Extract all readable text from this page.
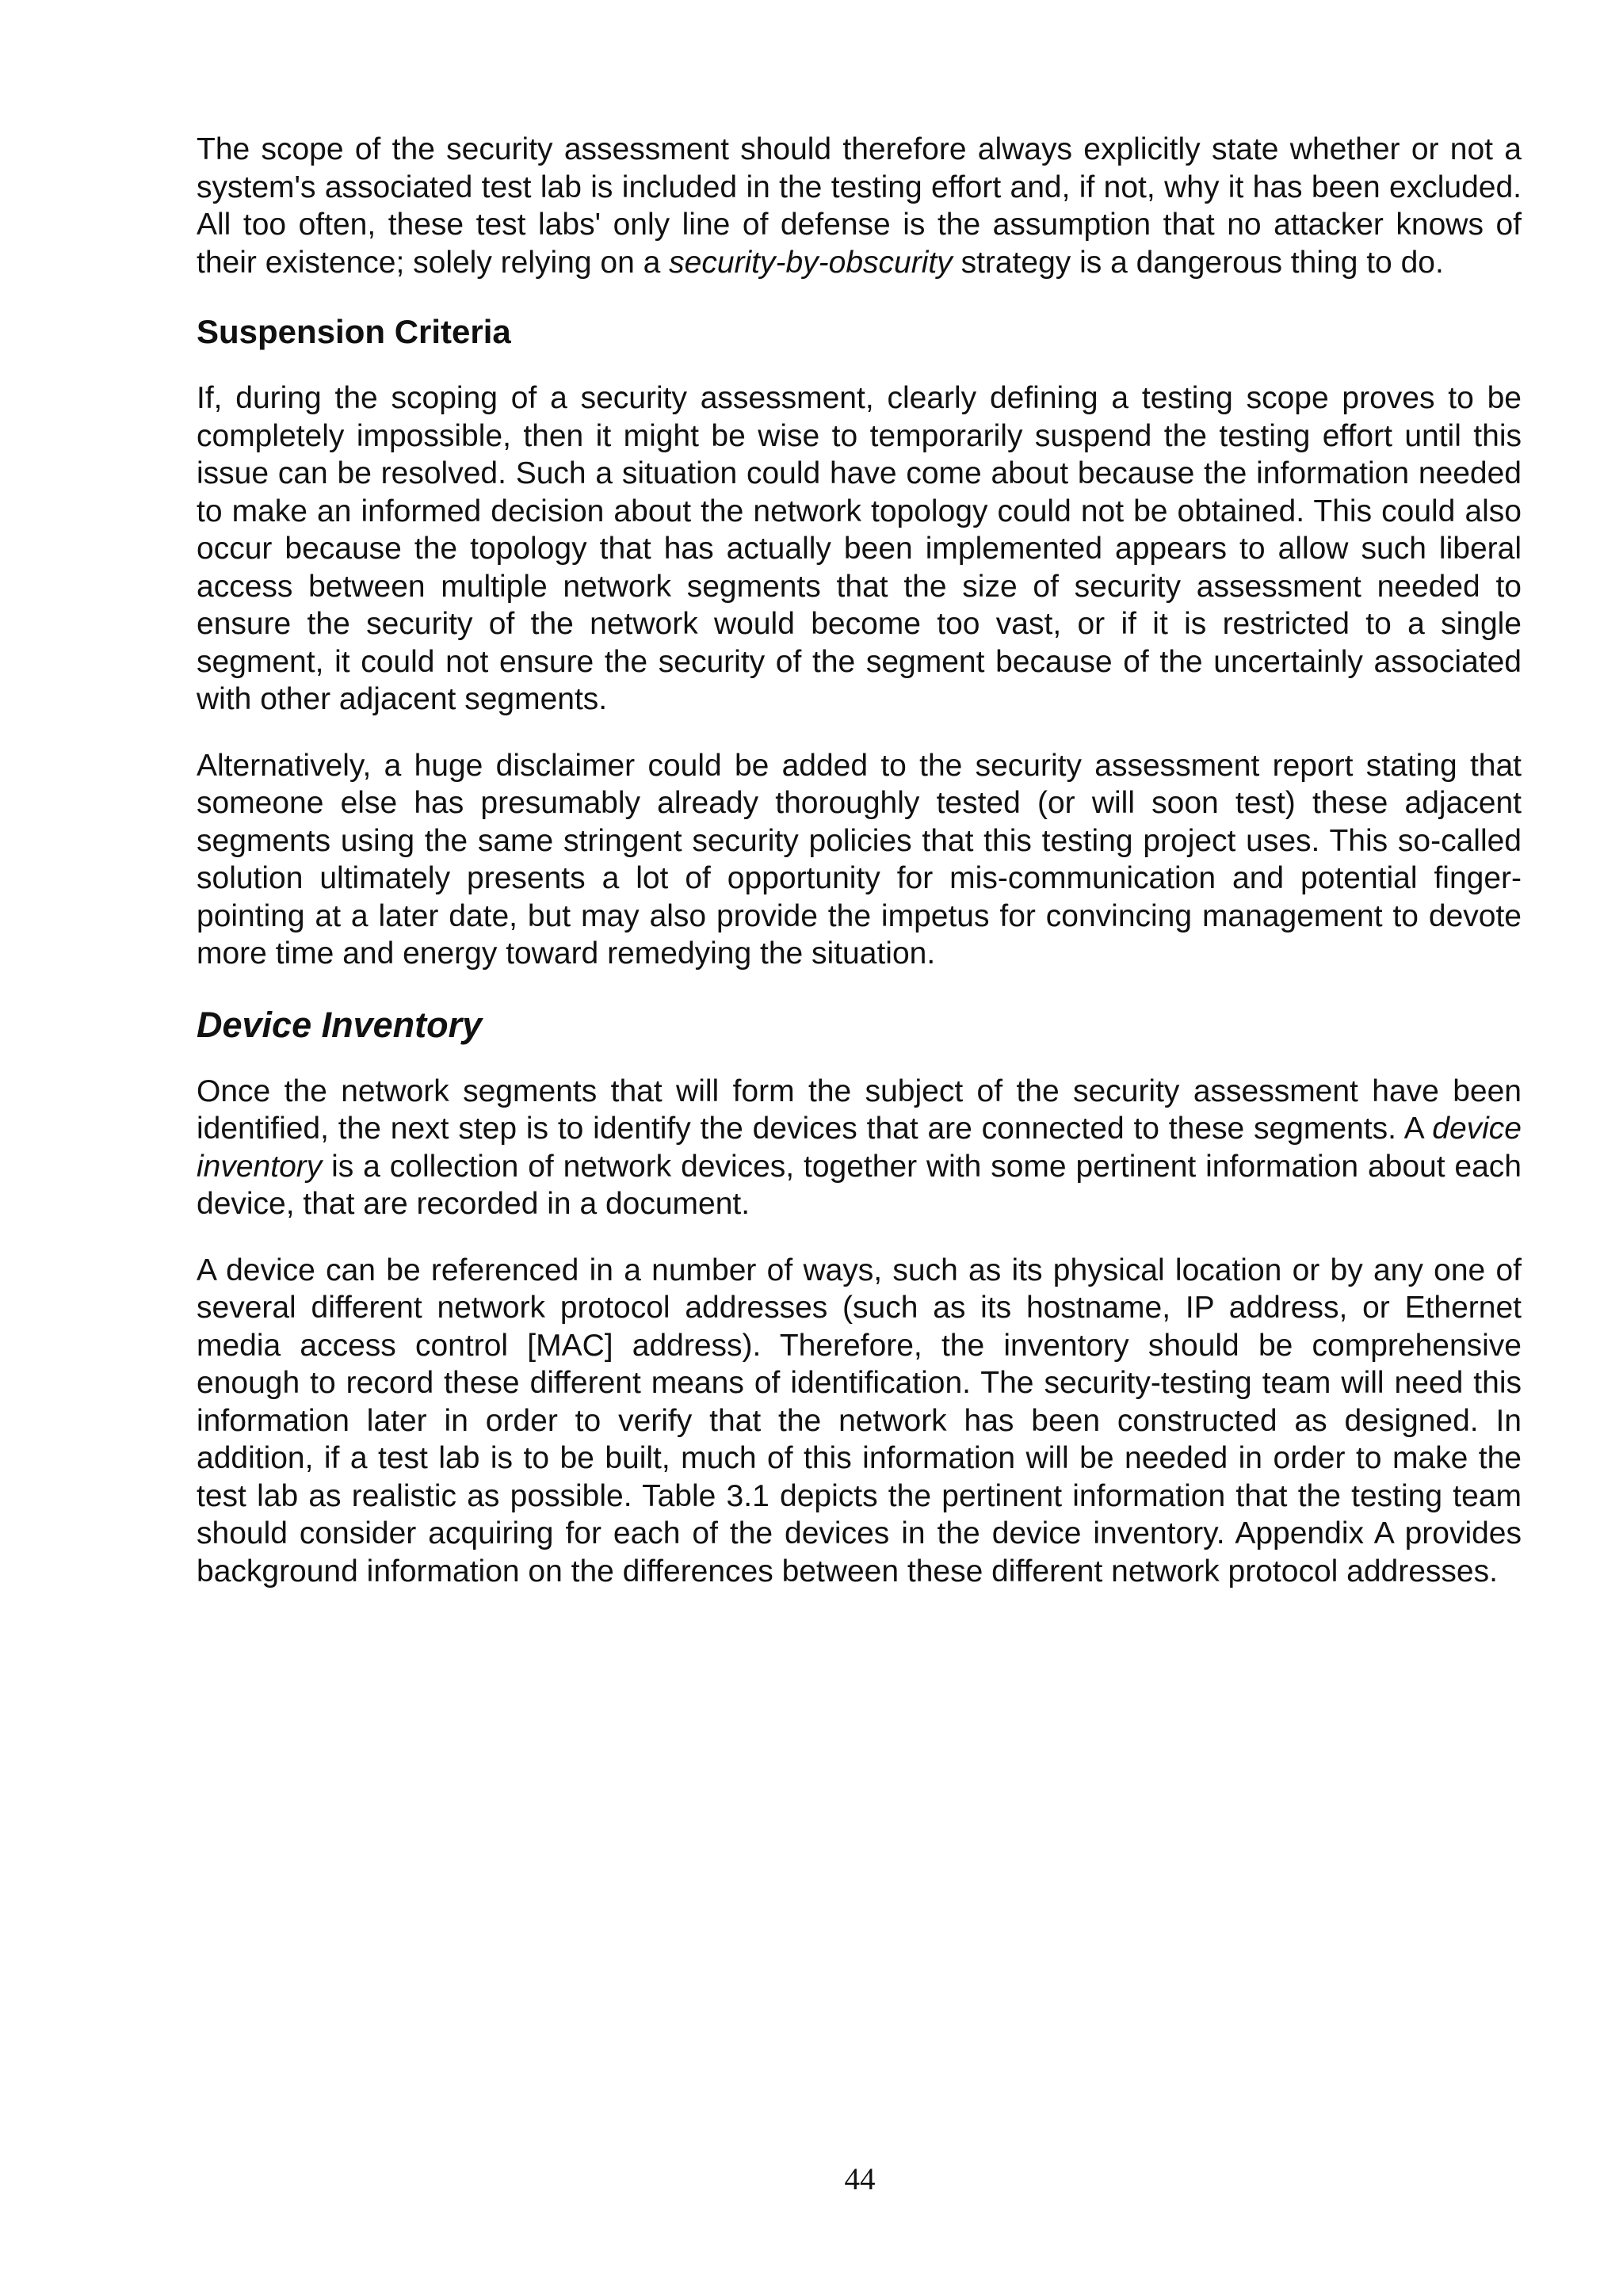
The scope of the security assessment should therefore always explicitly state whether or not a system's associated test lab is included in the testing effort and, if not, why it has been excluded. All too often, these test labs' only line of defense is the assumption that no attacker knows of their existence; solely relying on a security-by-obscurity strategy is a dangerous thing to do.

Suspension Criteria

If, during the scoping of a security assessment, clearly defining a testing scope proves to be completely impossible, then it might be wise to temporarily suspend the testing effort until this issue can be resolved. Such a situation could have come about because the information needed to make an informed decision about the network topology could not be obtained. This could also occur because the topology that has actually been implemented appears to allow such liberal access between multiple network segments that the size of security assessment needed to ensure the security of the network would become too vast, or if it is restricted to a single segment, it could not ensure the security of the segment because of the uncertainly associated with other adjacent segments.

Alternatively, a huge disclaimer could be added to the security assessment report stating that someone else has presumably already thoroughly tested (or will soon test) these adjacent segments using the same stringent security policies that this testing project uses. This so-called solution ultimately presents a lot of opportunity for mis-communication and potential finger-pointing at a later date, but may also provide the impetus for convincing management to devote more time and energy toward remedying the situation.

Device Inventory

Once the network segments that will form the subject of the security assessment have been identified, the next step is to identify the devices that are connected to these segments. A device inventory is a collection of network devices, together with some pertinent information about each device, that are recorded in a document.

A device can be referenced in a number of ways, such as its physical location or by any one of several different network protocol addresses (such as its hostname, IP address, or Ethernet media access control [MAC] address). Therefore, the inventory should be comprehensive enough to record these different means of identification. The security-testing team will need this information later in order to verify that the network has been constructed as designed. In addition, if a test lab is to be built, much of this information will be needed in order to make the test lab as realistic as possible. Table 3.1 depicts the pertinent information that the testing team should consider acquiring for each of the devices in the device inventory. Appendix A provides background information on the differences between these different network protocol addresses.

44
